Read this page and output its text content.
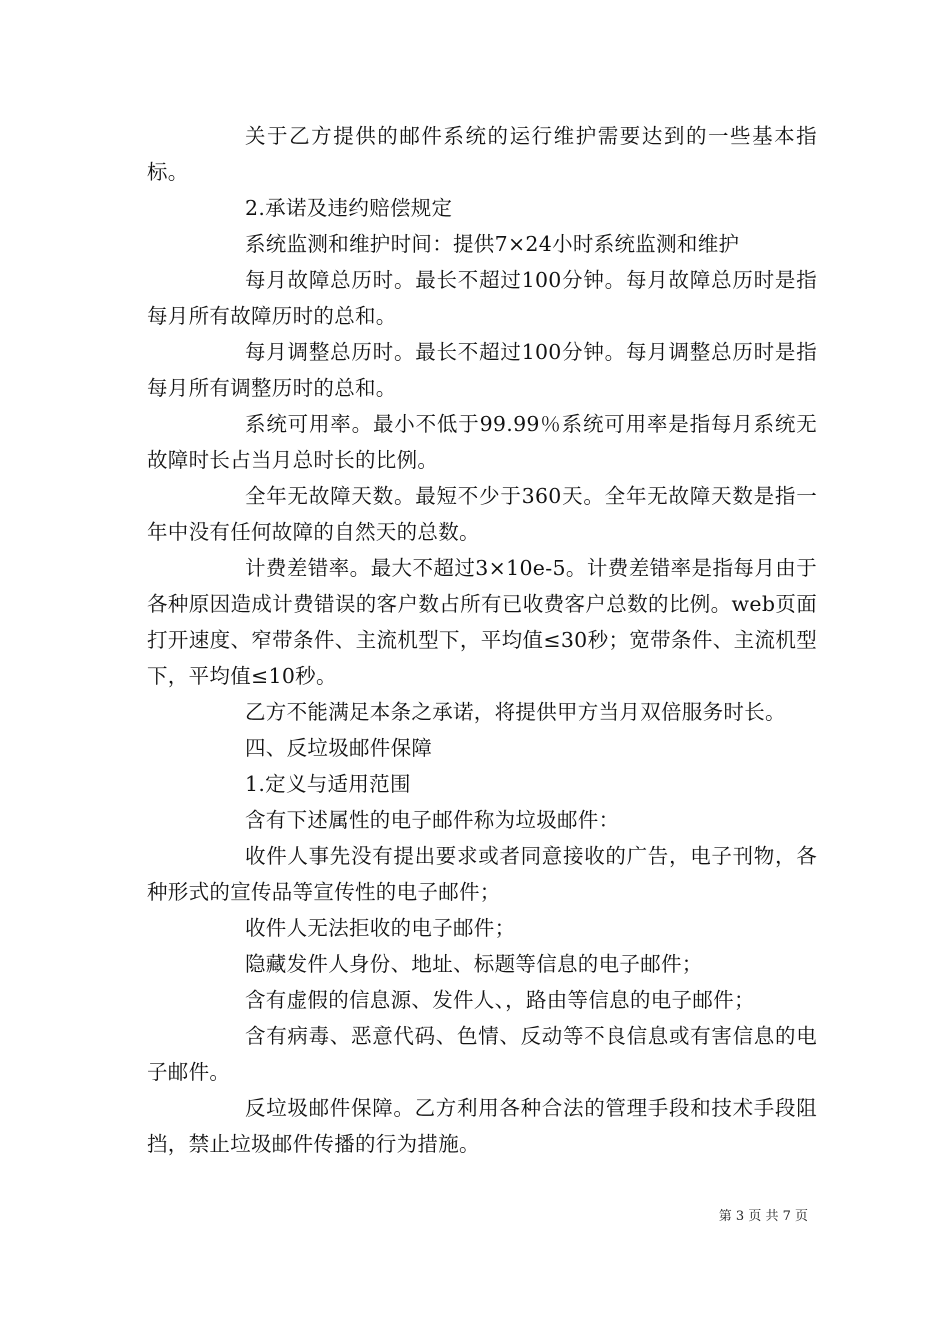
关于乙方提供的邮件系统的运行维护需要达到的一些基本指标。

2.承诺及违约赔偿规定

系统监测和维护时间：提供7×24小时系统监测和维护

每月故障总历时。最长不超过100分钟。每月故障总历时是指每月所有故障历时的总和。

每月调整总历时。最长不超过100分钟。每月调整总历时是指每月所有调整历时的总和。

系统可用率。最小不低于99.99％系统可用率是指每月系统无故障时长占当月总时长的比例。

全年无故障天数。最短不少于360天。全年无故障天数是指一年中没有任何故障的自然天的总数。

计费差错率。最大不超过3×10e-5。计费差错率是指每月由于各种原因造成计费错误的客户数占所有已收费客户总数的比例。web页面打开速度、窄带条件、主流机型下，平均值≤30秒；宽带条件、主流机型下，平均值≤10秒。

乙方不能满足本条之承诺，将提供甲方当月双倍服务时长。

四、反垃圾邮件保障

1.定义与适用范围

含有下述属性的电子邮件称为垃圾邮件：

收件人事先没有提出要求或者同意接收的广告，电子刊物，各种形式的宣传品等宣传性的电子邮件；

收件人无法拒收的电子邮件；

隐藏发件人身份、地址、标题等信息的电子邮件；

含有虚假的信息源、发件人、，路由等信息的电子邮件；

含有病毒、恶意代码、色情、反动等不良信息或有害信息的电子邮件。

反垃圾邮件保障。乙方利用各种合法的管理手段和技术手段阻挡，禁止垃圾邮件传播的行为措施。

第 3 页 共 7 页
